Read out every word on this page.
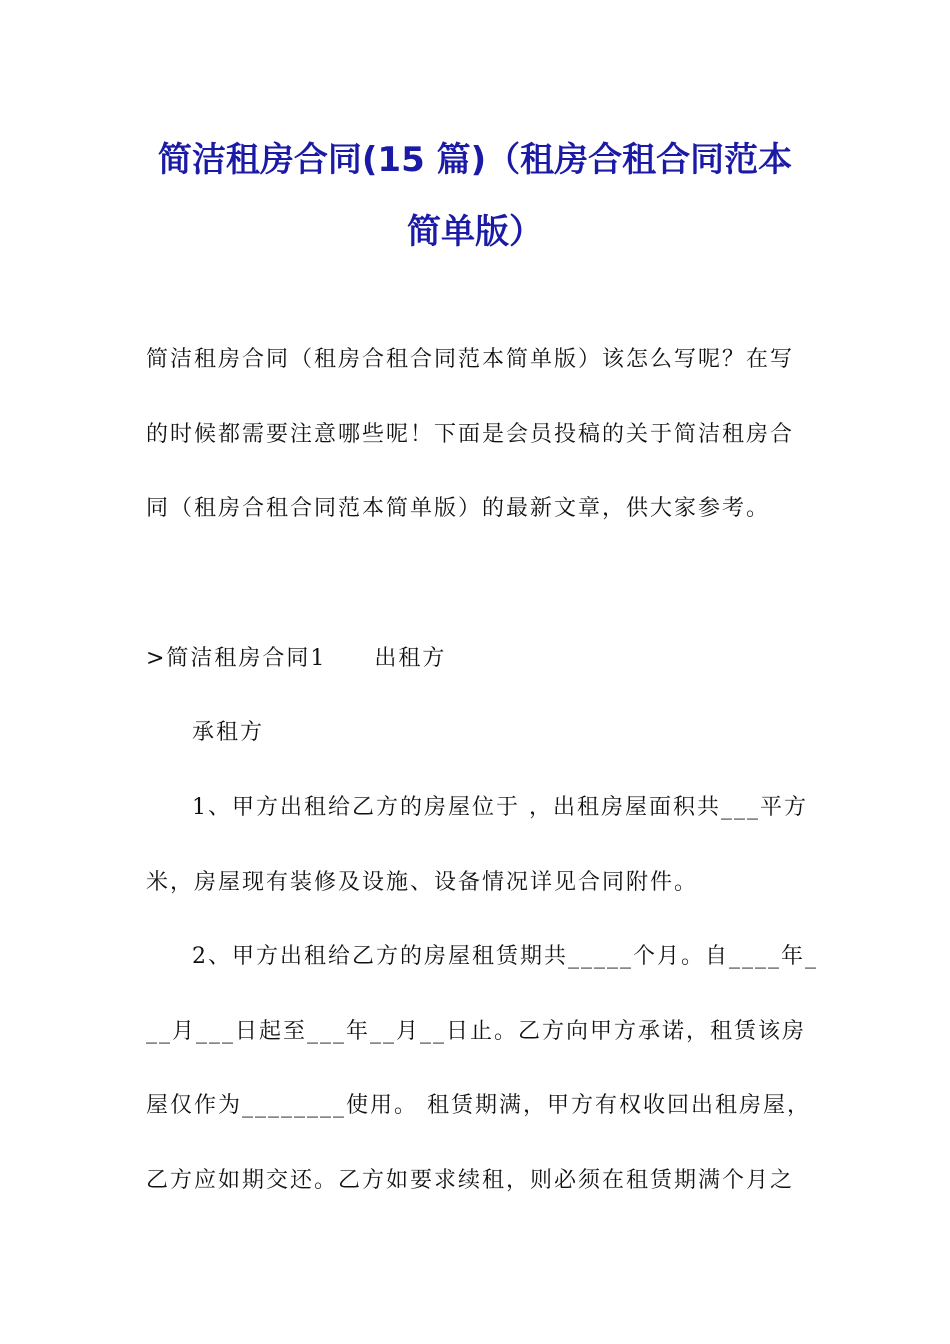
简洁租房合同(15 篇)（租房合租合同范本
简单版）
简洁租房合同（租房合租合同范本简单版）该怎么写呢？在写
的时候都需要注意哪些呢！下面是会员投稿的关于简洁租房合
同（租房合租合同范本简单版）的最新文章，供大家参考。
>简洁租房合同1　　出租方
承租方
1、甲方出租给乙方的房屋位于 ，出租房屋面积共___平方
米，房屋现有装修及设施、设备情况详见合同附件。
2、甲方出租给乙方的房屋租赁期共_____个月。自____年_
__月___日起至___年__月__日止。乙方向甲方承诺，租赁该房
屋仅作为________使用。 租赁期满，甲方有权收回出租房屋，
乙方应如期交还。乙方如要求续租，则必须在租赁期满个月之
